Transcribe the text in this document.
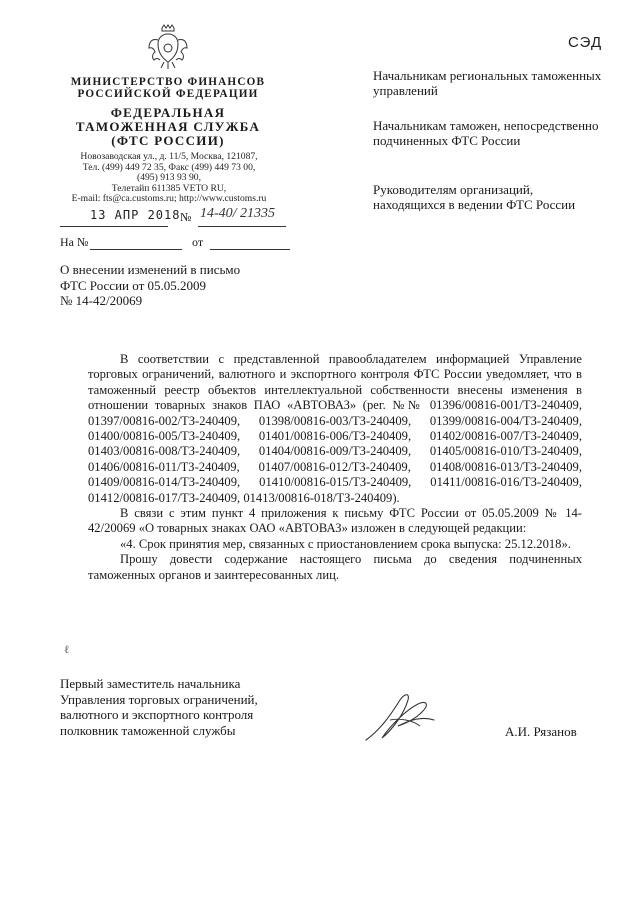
СЭД
МИНИСТЕРСТВО ФИНАНСОВ
РОССИЙСКОЙ ФЕДЕРАЦИИ
ФЕДЕРАЛЬНАЯ
ТАМОЖЕННАЯ СЛУЖБА
(ФТС РОССИИ)
Новозаводская ул., д. 11/5, Москва, 121087,
Тел. (499) 449 72 35, Факс (499) 449 73 00,
(495) 913 93 90,
Телетайп 611385 VETO RU,
E-mail: fts@ca.customs.ru; http://www.customs.ru
13 АПР 2018 № 14-40/ 21335
На №	от
Начальникам региональных таможенных управлений
Начальникам таможен, непосредственно подчиненных ФТС России
Руководителям организаций, находящихся в ведении ФТС России
О внесении изменений в письмо
ФТС России от 05.05.2009
№ 14-42/20069

В соответствии с представленной правообладателем информацией Управление торговых ограничений, валютного и экспортного контроля ФТС России уведомляет, что в таможенный реестр объектов интеллектуальной собственности внесены изменения в отношении товарных знаков ПАО «АВТОВАЗ» (рег. №№ 01396/00816-001/ТЗ-240409, 01397/00816-002/ТЗ-240409, 01398/00816-003/ТЗ-240409, 01399/00816-004/ТЗ-240409, 01400/00816-005/ТЗ-240409, 01401/00816-006/ТЗ-240409, 01402/00816-007/ТЗ-240409, 01403/00816-008/ТЗ-240409, 01404/00816-009/ТЗ-240409, 01405/00816-010/ТЗ-240409, 01406/00816-011/ТЗ-240409, 01407/00816-012/ТЗ-240409, 01408/00816-013/ТЗ-240409, 01409/00816-014/ТЗ-240409, 01410/00816-015/ТЗ-240409, 01411/00816-016/ТЗ-240409, 01412/00816-017/ТЗ-240409, 01413/00816-018/ТЗ-240409).

В связи с этим пункт 4 приложения к письму ФТС России от 05.05.2009 № 14-42/20069 «О товарных знаках ОАО «АВТОВАЗ» изложен в следующей редакции:

«4. Срок принятия мер, связанных с приостановлением срока выпуска: 25.12.2018».

Прошу довести содержание настоящего письма до сведения подчиненных таможенных органов и заинтересованных лиц.

ℓ
Первый заместитель начальника
Управления торговых ограничений,
валютного и экспортного контроля
полковник таможенной службы	А.И. Рязанов
